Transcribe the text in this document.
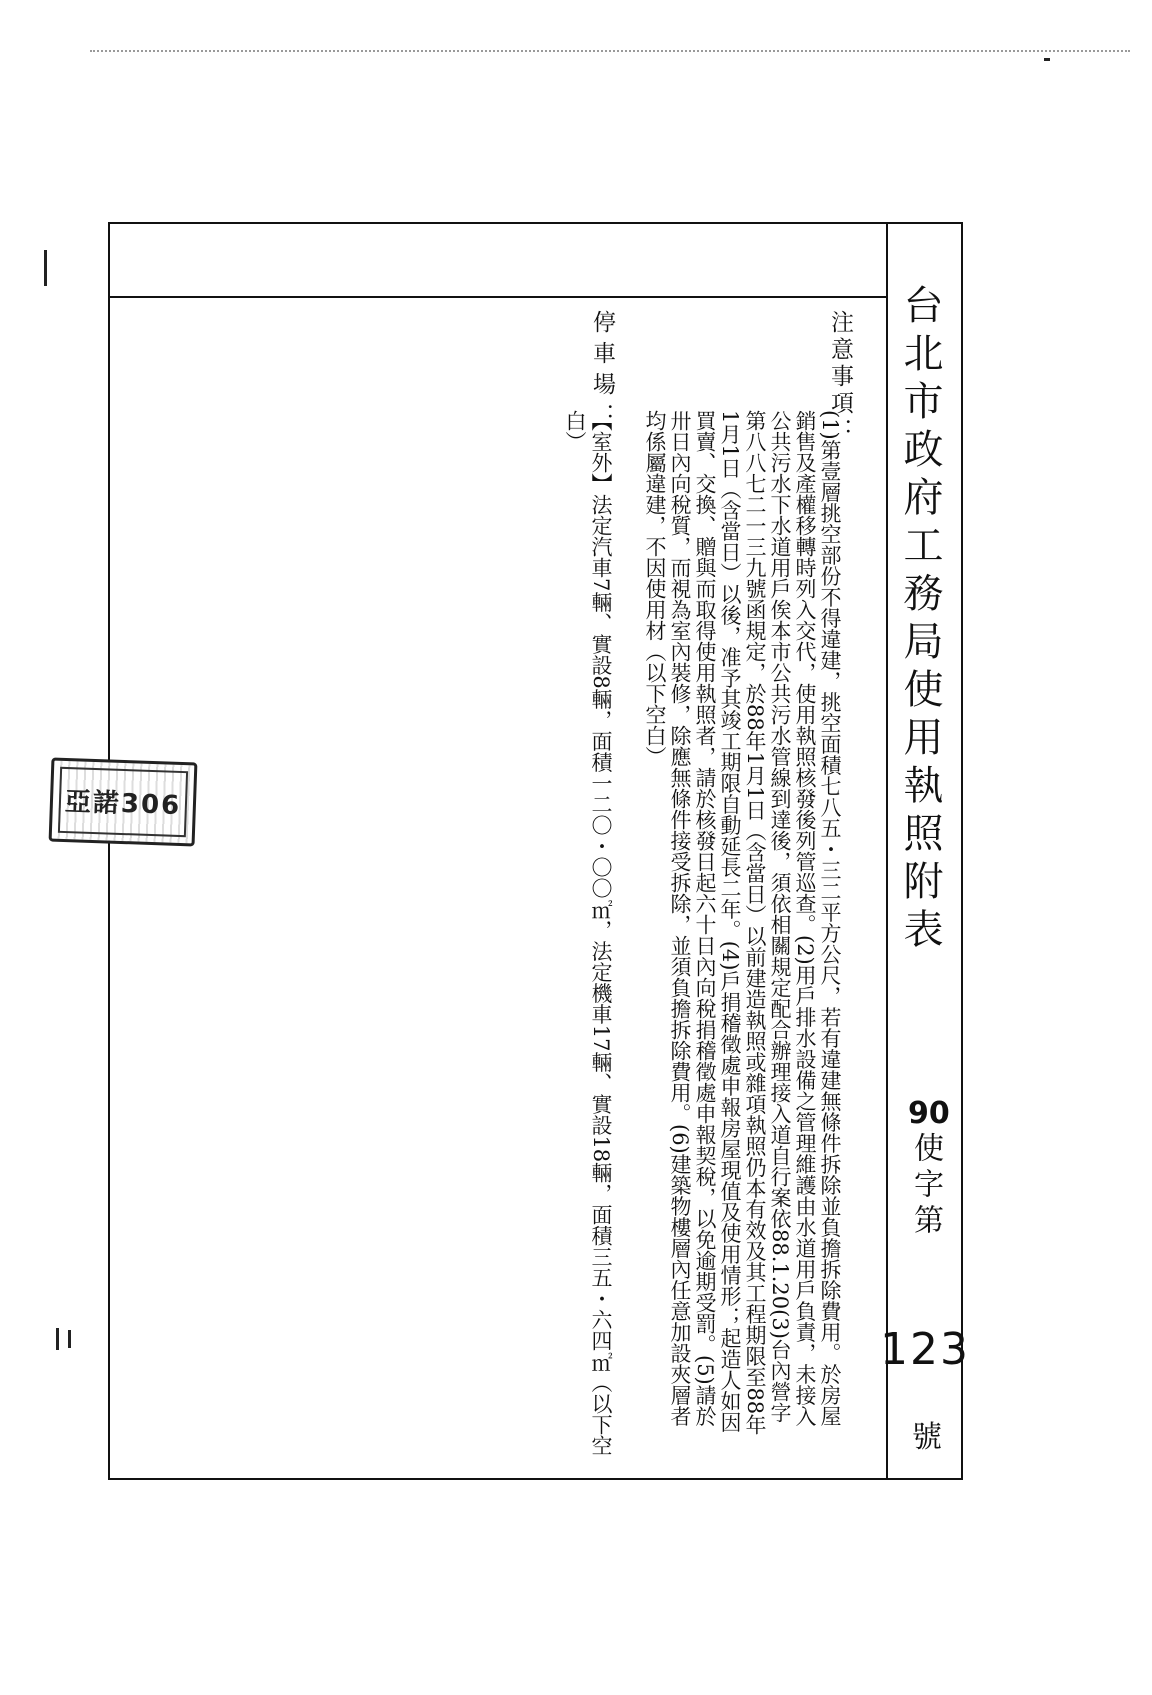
台北市政府工務局使用執照附表
90
使字第
123
號
注意事項：
(1)第壹層挑空部份不得違建，挑空面積七八五・三二平方公尺，若有違建無條件拆除並負擔拆除費用。於房屋銷售及產權移轉時列入交代，使用執照核發後列管巡查。(2)用戶排水設備之管理維護由水道用戶負責，未接入公共污水下水道用戶俟本市公共污水管線到達後，須依相關規定配合辦理接入道自行案依88.1.20(3)台內營字第八八七二一三九號函規定，於88年1月1日（含當日）以前建造執照或雜項執照仍本有效及其工程期限至88年1月1日（含當日）以後，准予其竣工期限自動延長二年。(4)戶捐稽徵處申報房屋現值及使用情形；起造人如因買賣、交換、贈與而取得使用執照者，請於核發日起六十日內向稅捐稽徵處申報契稅，以免逾期受罰。(5)請於卅日內向稅質，而視為室內裝修，除應無條件接受拆除，並須負擔拆除費用。(6)建築物樓層內任意加設夾層者均係屬違建，不因使用材（以下空白）
停車場：
【室外】法定汽車7輛、實設8輛，面積一二〇・〇〇㎡，法定機車17輛、實設18輛，面積三五・六四㎡（以下空白）
亞諾306
